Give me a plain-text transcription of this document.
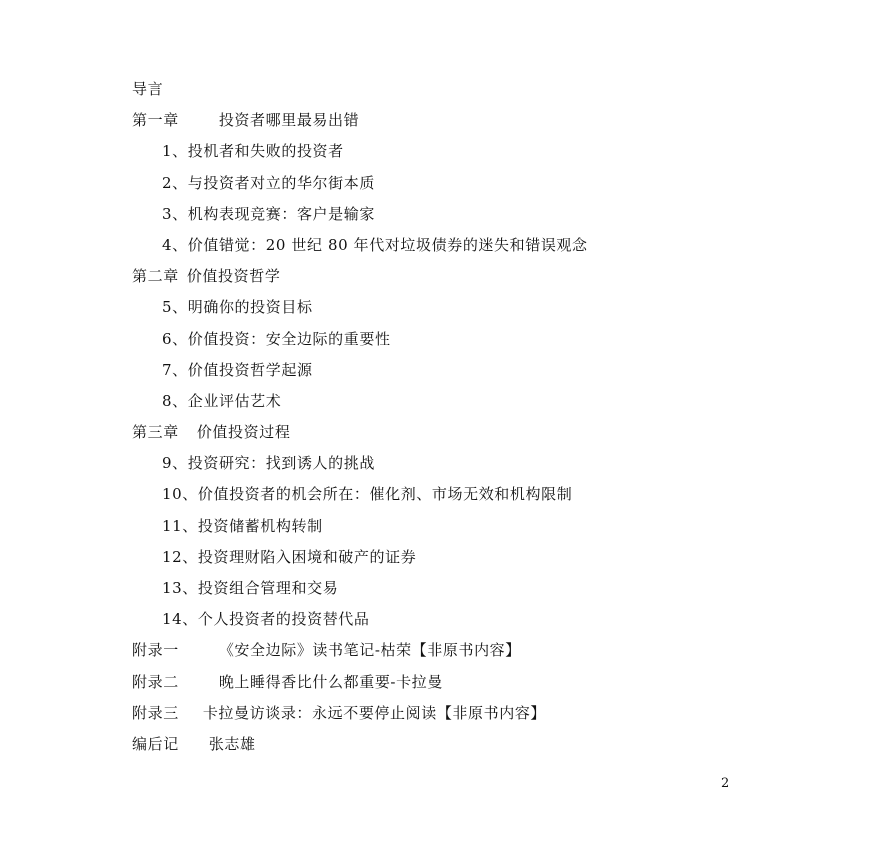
导言
第一章	投资者哪里最易出错
1、投机者和失败的投资者
2、与投资者对立的华尔街本质
3、机构表现竞赛：客户是输家
4、价值错觉：20 世纪 80 年代对垃圾债券的迷失和错误观念
第二章 价值投资哲学
5、明确你的投资目标
6、价值投资：安全边际的重要性
7、价值投资哲学起源
8、企业评估艺术
第三章 价值投资过程
9、投资研究：找到诱人的挑战
10、价值投资者的机会所在：催化剂、市场无效和机构限制
11、投资储蓄机构转制
12、投资理财陷入困境和破产的证券
13、投资组合管理和交易
14、个人投资者的投资替代品
附录一	《安全边际》读书笔记-枯荣【非原书内容】
附录二	晚上睡得香比什么都重要-卡拉曼
附录三 卡拉曼访谈录：永远不要停止阅读【非原书内容】
编后记 张志雄
2
